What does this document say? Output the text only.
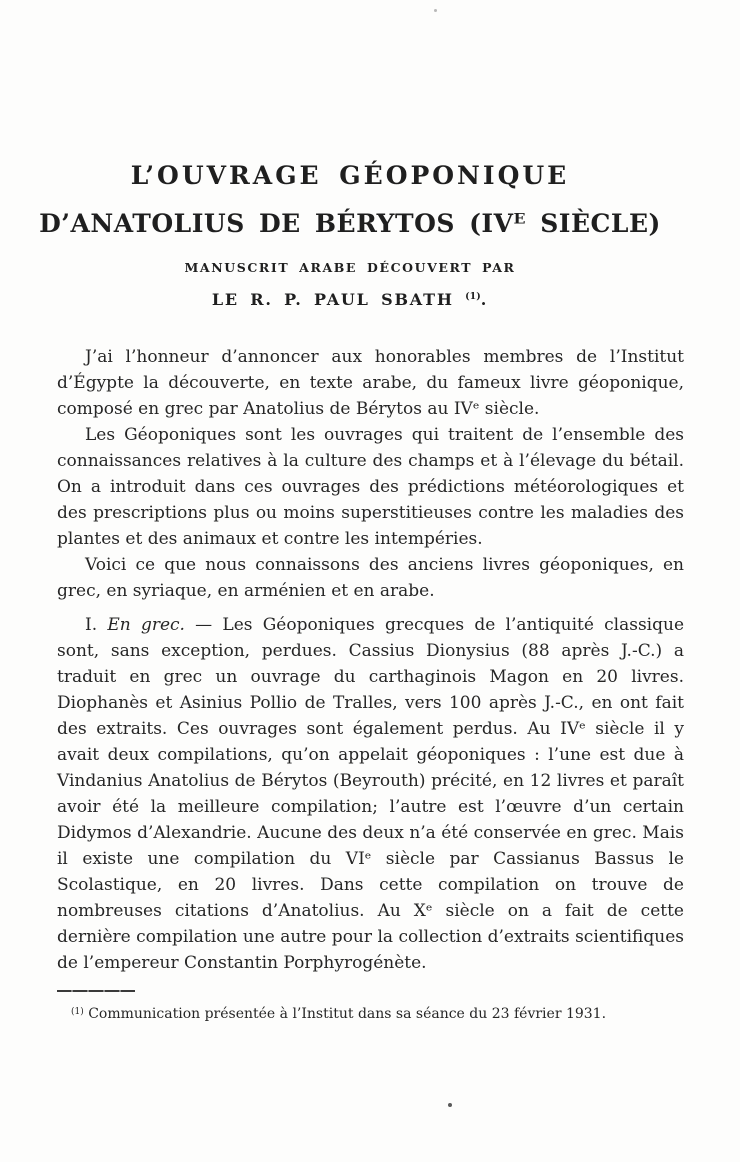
L’OUVRAGE GÉOPONIQUE
D’ANATOLIUS DE BÉRYTOS (IVᴱ SIÈCLE)
MANUSCRIT ARABE DÉCOUVERT PAR
LE R. P. PAUL SBATH $^{(1)}$.

J’ai l’honneur d’annoncer aux honorables membres de l’Institut d’Égypte la découverte, en texte arabe, du fameux livre géoponique, composé en grec par Anatolius de Bérytos au IVᵉ siècle.

Les Géoponiques sont les ouvrages qui traitent de l’ensemble des connaissances relatives à la culture des champs et à l’élevage du bétail. On a introduit dans ces ouvrages des prédictions météorologiques et des prescriptions plus ou moins superstitieuses contre les maladies des plantes et des animaux et contre les intempéries.

Voici ce que nous connaissons des anciens livres géoponiques, en grec, en syriaque, en arménien et en arabe.

I. En grec. — Les Géoponiques grecques de l’antiquité classique sont, sans exception, perdues. Cassius Dionysius (88 après J.-C.) a traduit en grec un ouvrage du carthaginois Magon en 20 livres. Diophanès et Asinius Pollio de Tralles, vers 100 après J.-C., en ont fait des extraits. Ces ouvrages sont également perdus. Au IVᵉ siècle il y avait deux compilations, qu’on appelait géoponiques : l’une est due à Vindanius Anatolius de Bérytos (Beyrouth) précité, en 12 livres et paraît avoir été la meilleure compilation; l’autre est l’œuvre d’un certain Didymos d’Alexandrie. Aucune des deux n’a été conservée en grec. Mais il existe une compilation du VIᵉ siècle par Cassianus Bassus le Scolastique, en 20 livres. Dans cette compilation on trouve de nombreuses citations d’Anatolius. Au Xᵉ siècle on a fait de cette dernière compilation une autre pour la collection d’extraits scientifiques de l’empereur Constantin Porphyrogénète.

$^{(1)}$ Communication présentée à l’Institut dans sa séance du 23 février 1931.
